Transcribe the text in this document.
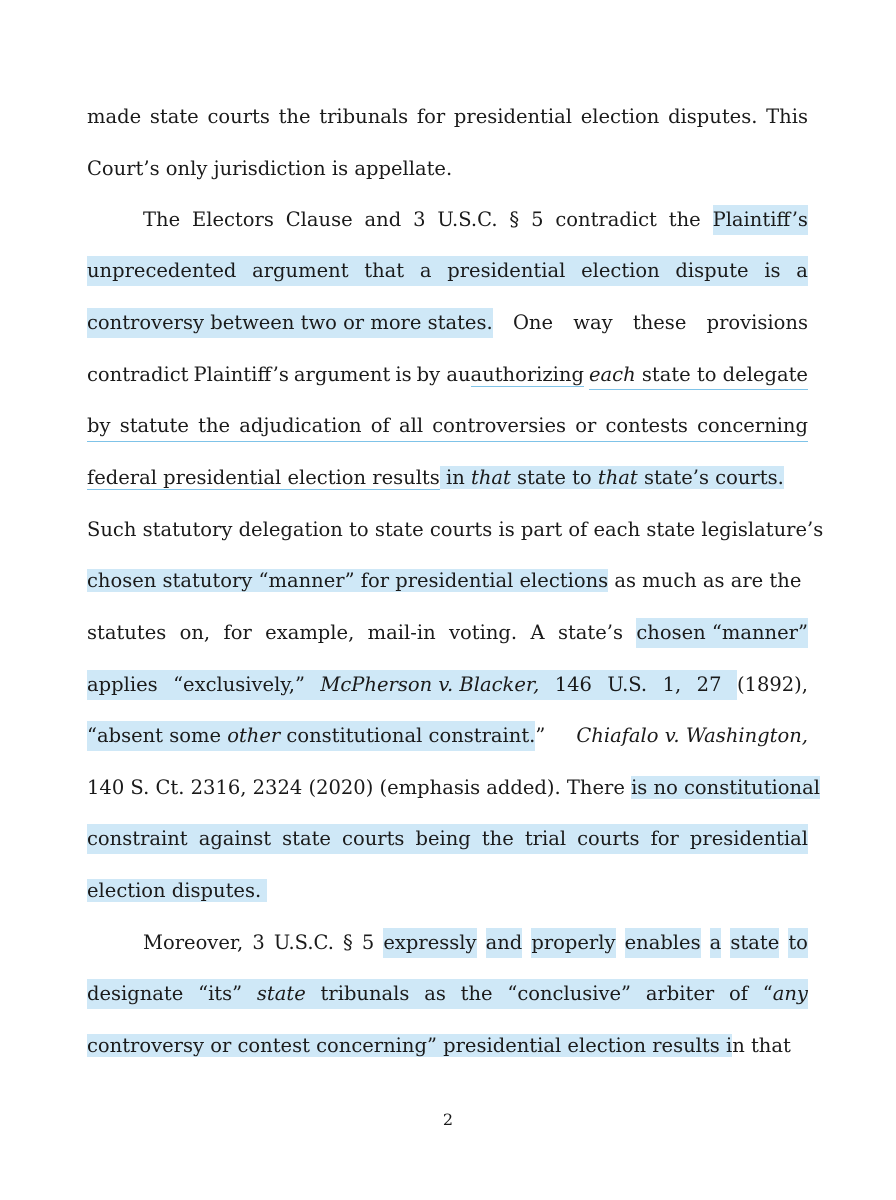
made state courts the tribunals for presidential election disputes. This
Court’s only jurisdiction is appellate.
The Electors Clause and 3 U.S.C. § 5 contradict the Plaintiff’s
unprecedented argument that a presidential election dispute is a
controversy between two or more states. One way these provisions
contradict Plaintiff’s argument is by auauthorizing each state to delegate
by statute the adjudication of all controversies or contests concerning
federal presidential election results in that state to that state’s courts.
Such statutory delegation to state courts is part of each state legislature’s
chosen statutory “manner” for presidential elections as much as are the
statutes on, for example, mail-in voting. A state’s chosen “manner”
applies “exclusively,” McPherson v. Blacker, 146 U.S. 1, 27 (1892),
“absent some other constitutional constraint. ” Chiafalo v. Washington,
140 S. Ct. 2316, 2324 (2020) (emphasis added). There is no constitutional
constraint against state courts being the trial courts for presidential
election disputes.
Moreover, 3 U.S.C. § 5 expressly and properly enables a state to
designate “its” state tribunals as the “conclusive” arbiter of “any
controversy or contest concerning” presidential election results in that
2
